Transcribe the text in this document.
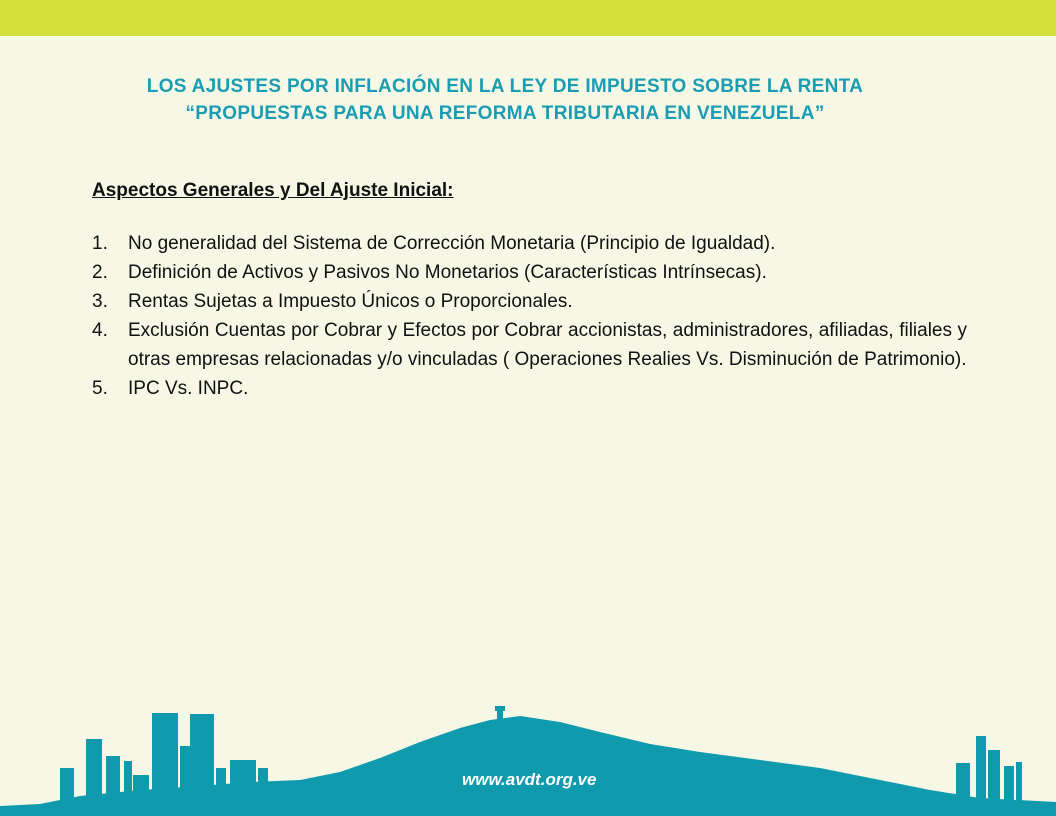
LOS AJUSTES POR INFLACIÓN EN LA LEY DE IMPUESTO SOBRE LA RENTA
“PROPUESTAS PARA UNA REFORMA TRIBUTARIA EN VENEZUELA”
Aspectos Generales y Del Ajuste Inicial:
1. No generalidad del Sistema de Corrección Monetaria (Principio de Igualdad).
2. Definición de Activos y Pasivos No Monetarios (Características Intrínsecas).
3. Rentas Sujetas a Impuesto Únicos o Proporcionales.
4. Exclusión Cuentas por Cobrar y Efectos por Cobrar accionistas, administradores, afiliadas, filiales y otras empresas relacionadas y/o vinculadas ( Operaciones Realies Vs. Disminución de Patrimonio).
5. IPC Vs. INPC.
www.avdt.org.ve
